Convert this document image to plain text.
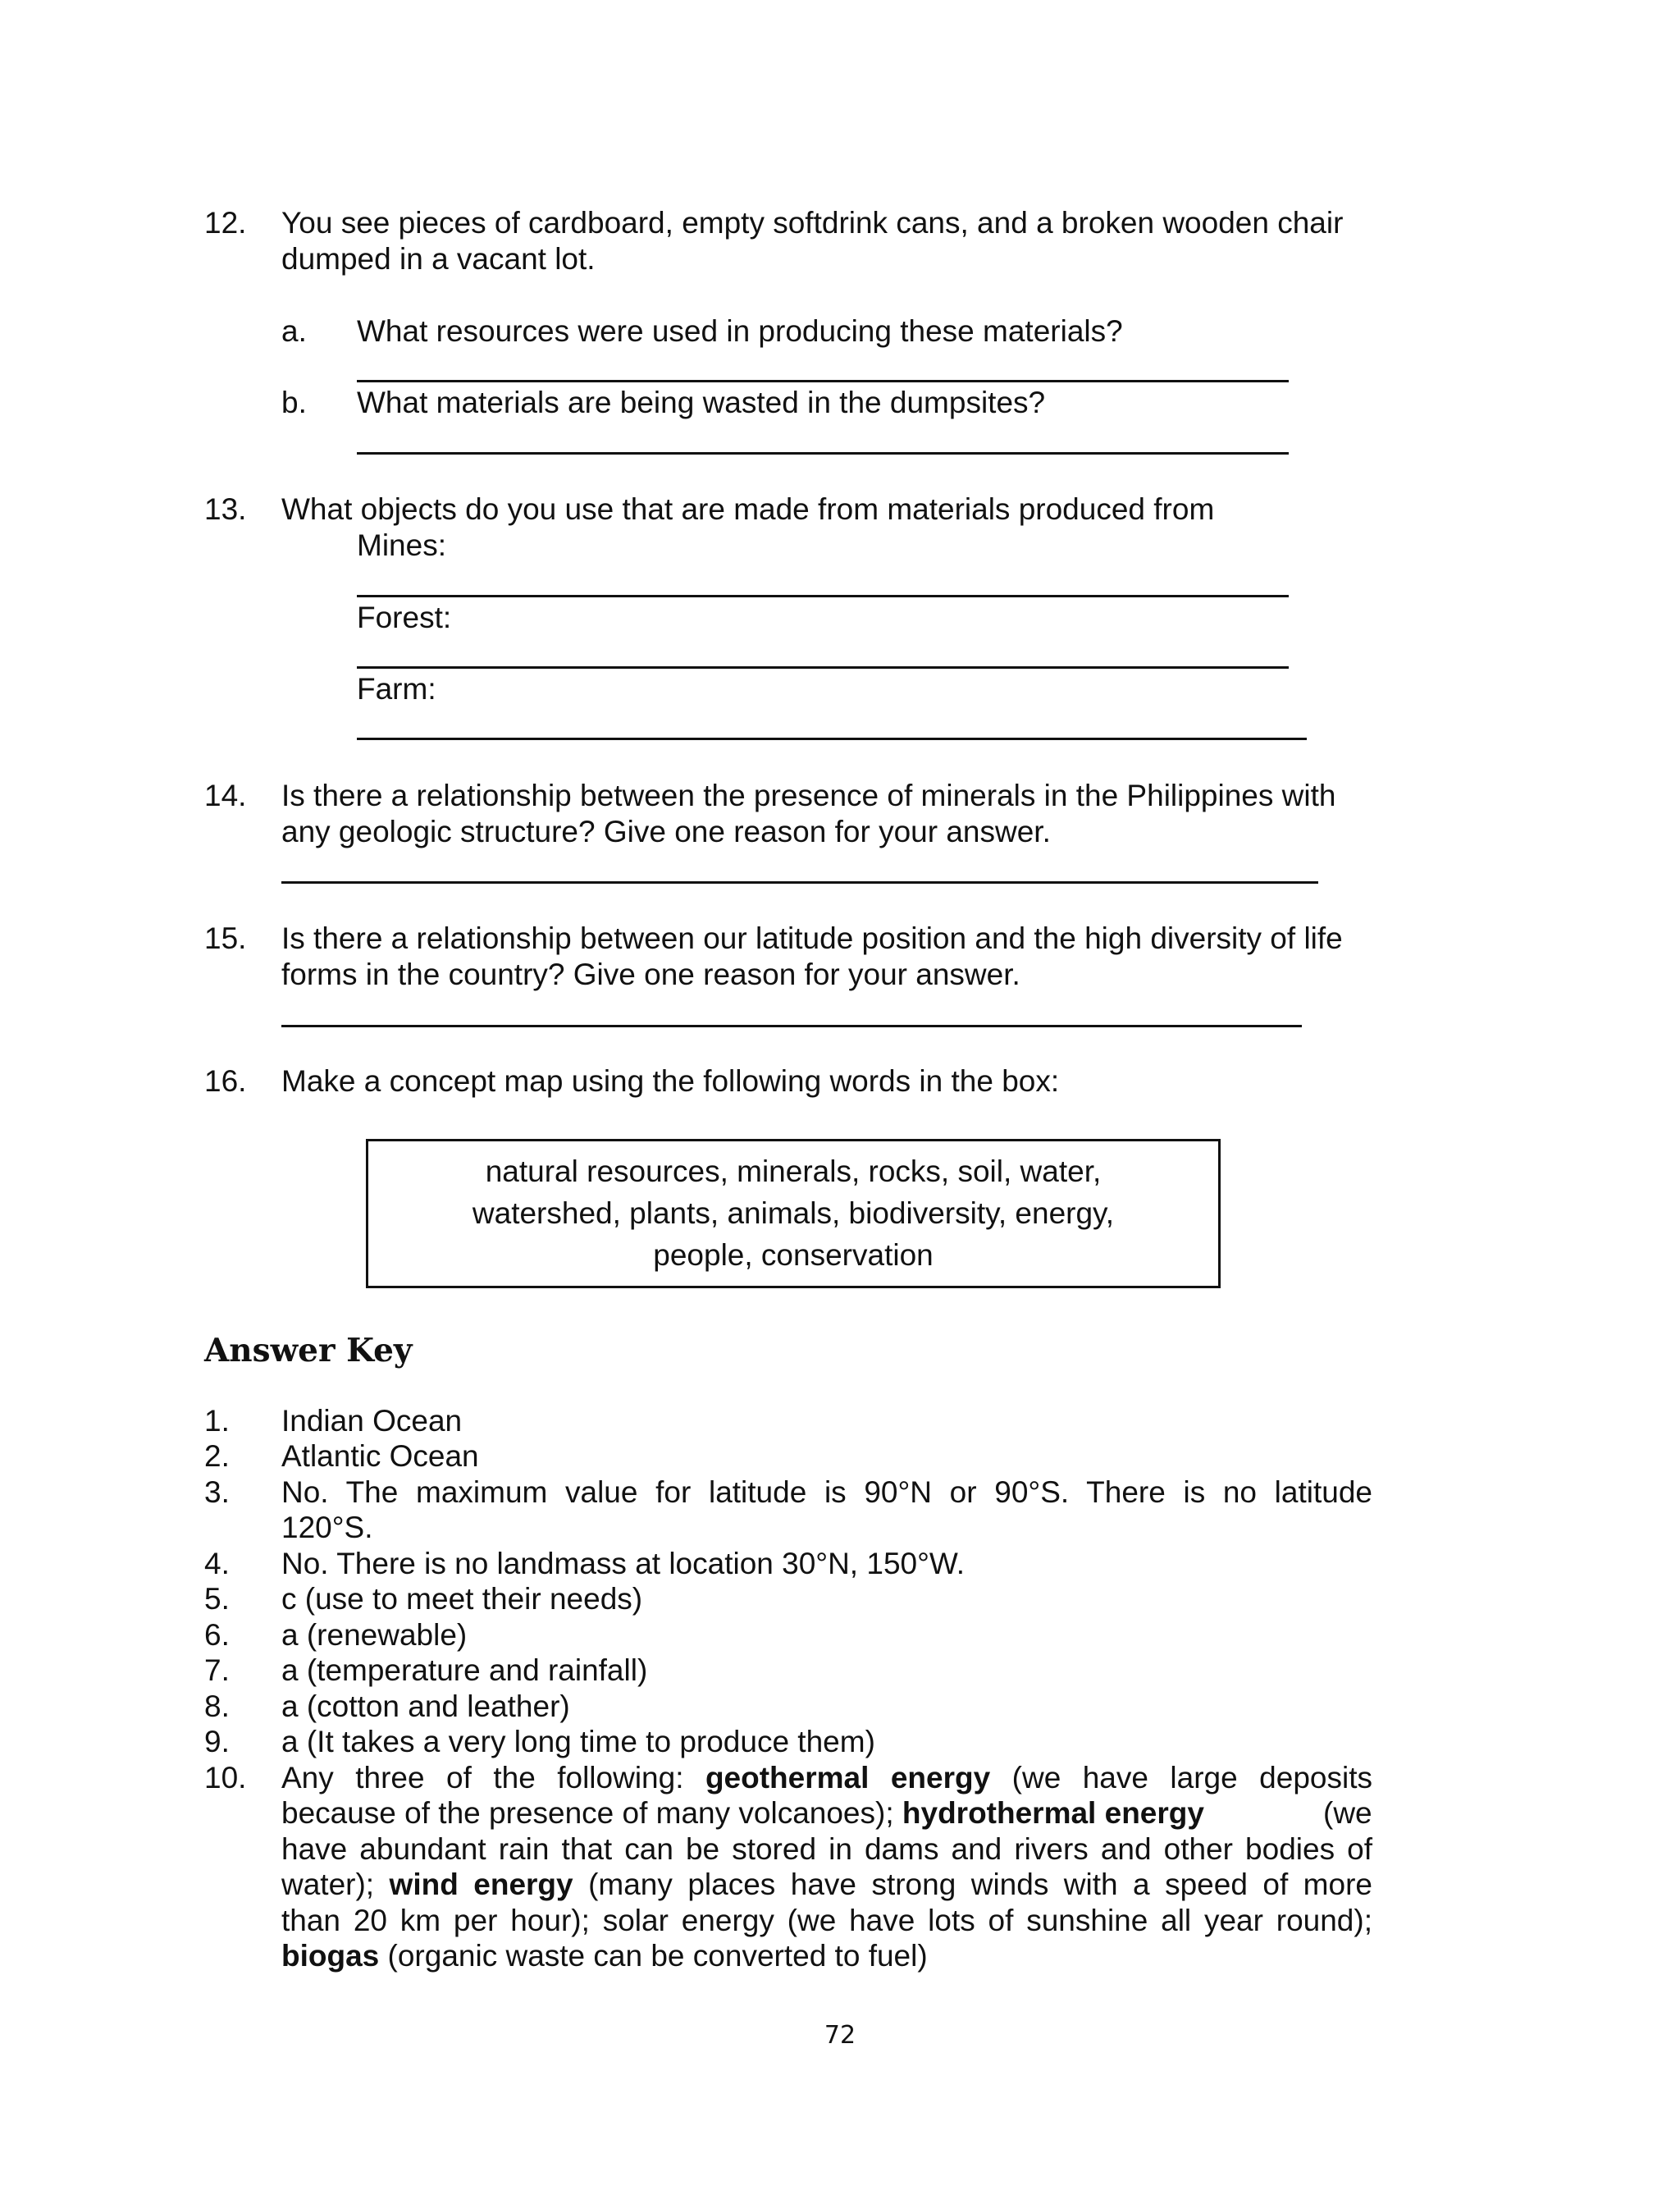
12. You see pieces of cardboard, empty softdrink cans, and a broken wooden chair
dumped in a vacant lot.
a. What resources were used in producing these materials?
b. What materials are being wasted in the dumpsites?
13. What objects do you use that are made from materials produced from
Mines:
Forest:
Farm:
14. Is there a relationship between the presence of minerals in the Philippines with
any geologic structure? Give one reason for your answer.
15. Is there a relationship between our latitude position and the high diversity of life
forms in the country? Give one reason for your answer.
16. Make a concept map using the following words in the box:
natural resources, minerals, rocks, soil, water,
watershed, plants, animals, biodiversity, energy,
people, conservation
Answer Key
1. Indian Ocean
2. Atlantic Ocean
3. No. The maximum value for latitude is 90°N or 90°S. There is no latitude
120°S.
4. No. There is no landmass at location 30°N, 150°W.
5. c (use to meet their needs)
6. a (renewable)
7. a (temperature and rainfall)
8. a (cotton and leather)
9. a (It takes a very long time to produce them)
10. Any three of the following: geothermal energy (we have large deposits
because of the presence of many volcanoes); hydrothermal energy	(we
have abundant rain that can be stored in dams and rivers and other bodies of
water); wind energy (many places have strong winds with a speed of more
than 20 km per hour); solar energy (we have lots of sunshine all year round);
biogas (organic waste can be converted to fuel)
72
